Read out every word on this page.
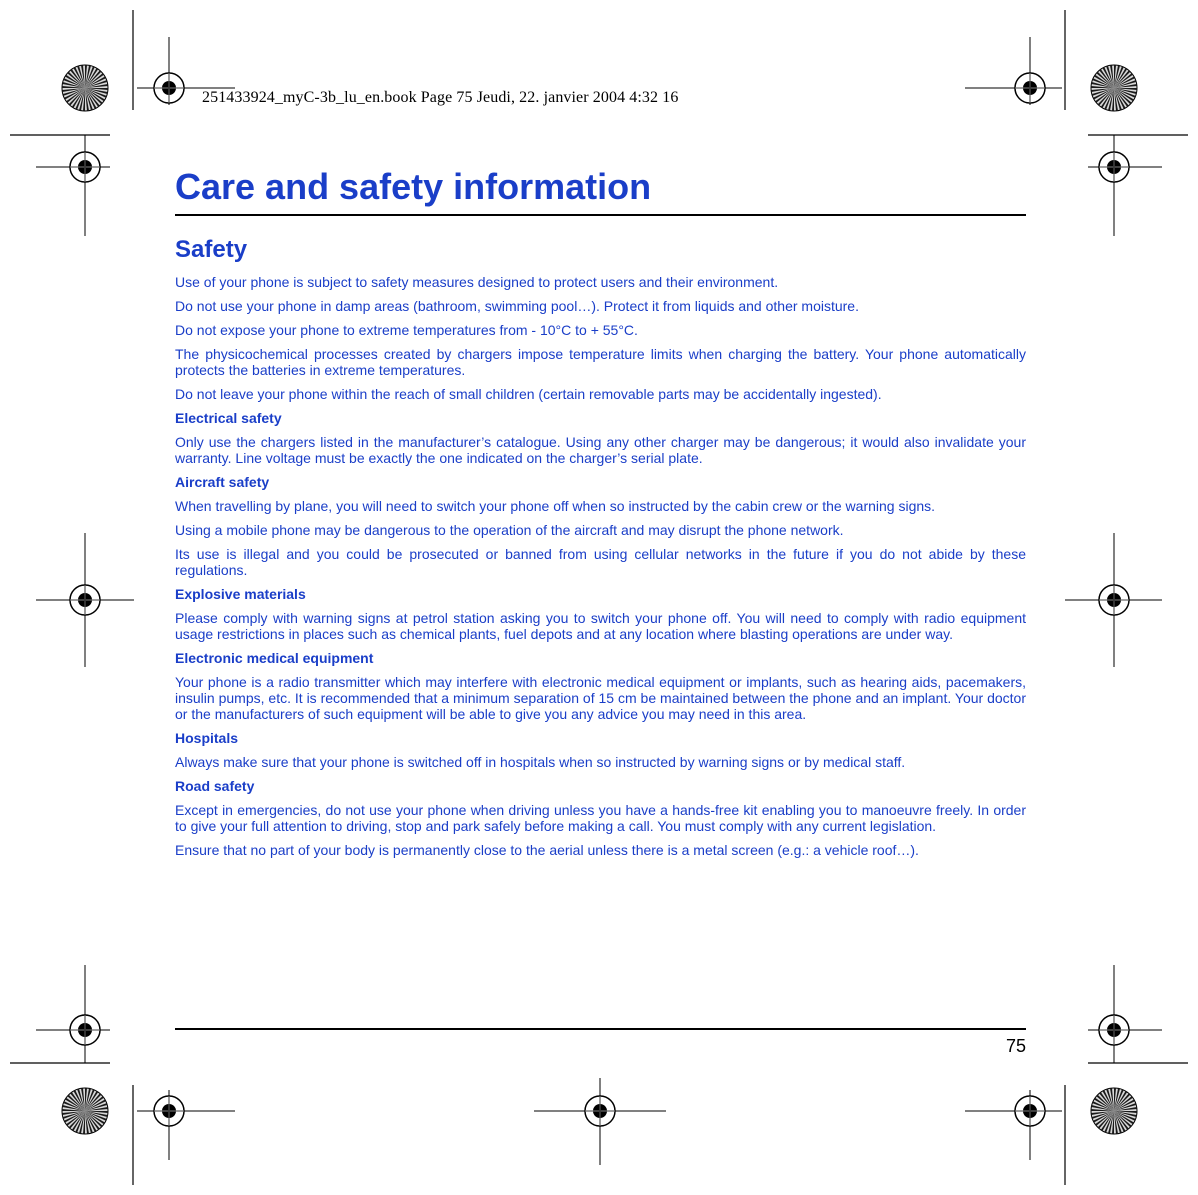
251433924_myC-3b_lu_en.book Page 75 Jeudi, 22. janvier 2004 4:32 16
Care and safety information
Safety

Use of your phone is subject to safety measures designed to protect users and their environment.

Do not use your phone in damp areas (bathroom, swimming pool…). Protect it from liquids and other moisture.

Do not expose your phone to extreme temperatures from - 10°C to + 55°C.

The physicochemical processes created by chargers impose temperature limits when charging the battery. Your phone automatically protects the batteries in extreme temperatures.

Do not leave your phone within the reach of small children (certain removable parts may be accidentally ingested).

Electrical safety

Only use the chargers listed in the manufacturer’s catalogue. Using any other charger may be dangerous; it would also invalidate your warranty. Line voltage must be exactly the one indicated on the charger’s serial plate.

Aircraft safety

When travelling by plane, you will need to switch your phone off when so instructed by the cabin crew or the warning signs.

Using a mobile phone may be dangerous to the operation of the aircraft and may disrupt the phone network.

Its use is illegal and you could be prosecuted or banned from using cellular networks in the future if you do not abide by these regulations.

Explosive materials

Please comply with warning signs at petrol station asking you to switch your phone off. You will need to comply with radio equipment usage restrictions in places such as chemical plants, fuel depots and at any location where blasting operations are under way.

Electronic medical equipment

Your phone is a radio transmitter which may interfere with electronic medical equipment or implants, such as hearing aids, pacemakers, insulin pumps, etc. It is recommended that a minimum separation of 15 cm be maintained between the phone and an implant. Your doctor or the manufacturers of such equipment will be able to give you any advice you may need in this area.

Hospitals

Always make sure that your phone is switched off in hospitals when so instructed by warning signs or by medical staff.

Road safety

Except in emergencies, do not use your phone when driving unless you have a hands-free kit enabling you to manoeuvre freely. In order to give your full attention to driving, stop and park safely before making a call. You must comply with any current legislation.

Ensure that no part of your body is permanently close to the aerial unless there is a metal screen (e.g.: a vehicle roof…).

75
